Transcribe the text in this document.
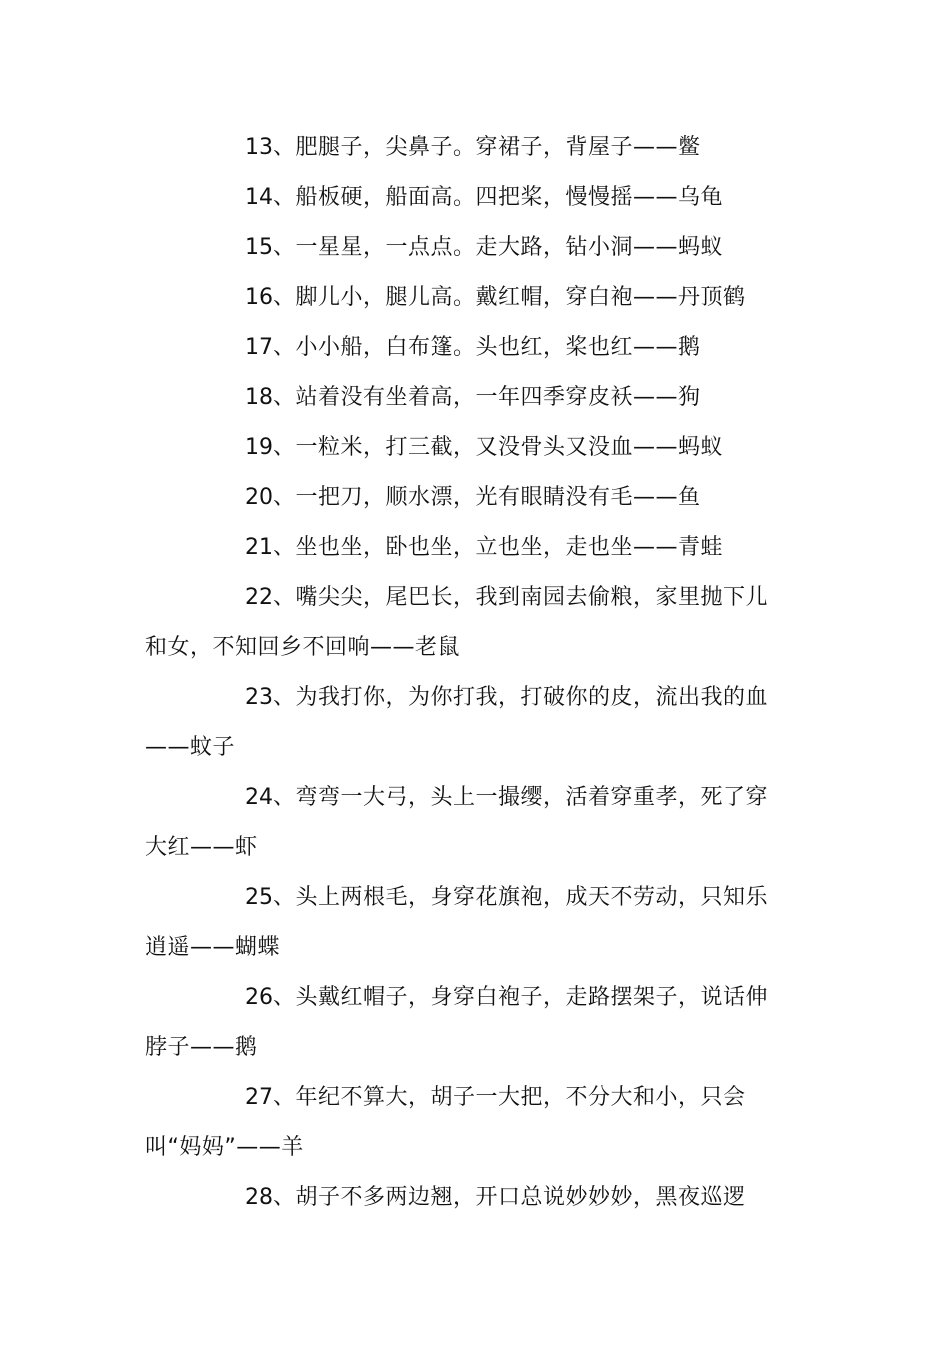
13、肥腿子，尖鼻子。穿裙子，背屋子——鳖

14、船板硬，船面高。四把桨，慢慢摇——乌龟

15、一星星，一点点。走大路，钻小洞——蚂蚁

16、脚儿小，腿儿高。戴红帽，穿白袍——丹顶鹤

17、小小船，白布篷。头也红，桨也红——鹅

18、站着没有坐着高，一年四季穿皮袄——狗

19、一粒米，打三截，又没骨头又没血——蚂蚁

20、一把刀，顺水漂，光有眼睛没有毛——鱼

21、坐也坐，卧也坐，立也坐，走也坐——青蛙

22、嘴尖尖，尾巴长，我到南园去偷粮，家里抛下儿和女，不知回乡不回响——老鼠

23、为我打你，为你打我，打破你的皮，流出我的血——蚊子

24、弯弯一大弓，头上一撮缨，活着穿重孝，死了穿大红——虾

25、头上两根毛，身穿花旗袍，成天不劳动，只知乐逍遥——蝴蝶

26、头戴红帽子，身穿白袍子，走路摆架子，说话伸脖子——鹅

27、年纪不算大，胡子一大把，不分大和小，只会叫“妈妈”——羊

28、胡子不多两边翘，开口总说妙妙妙，黑夜巡逻
